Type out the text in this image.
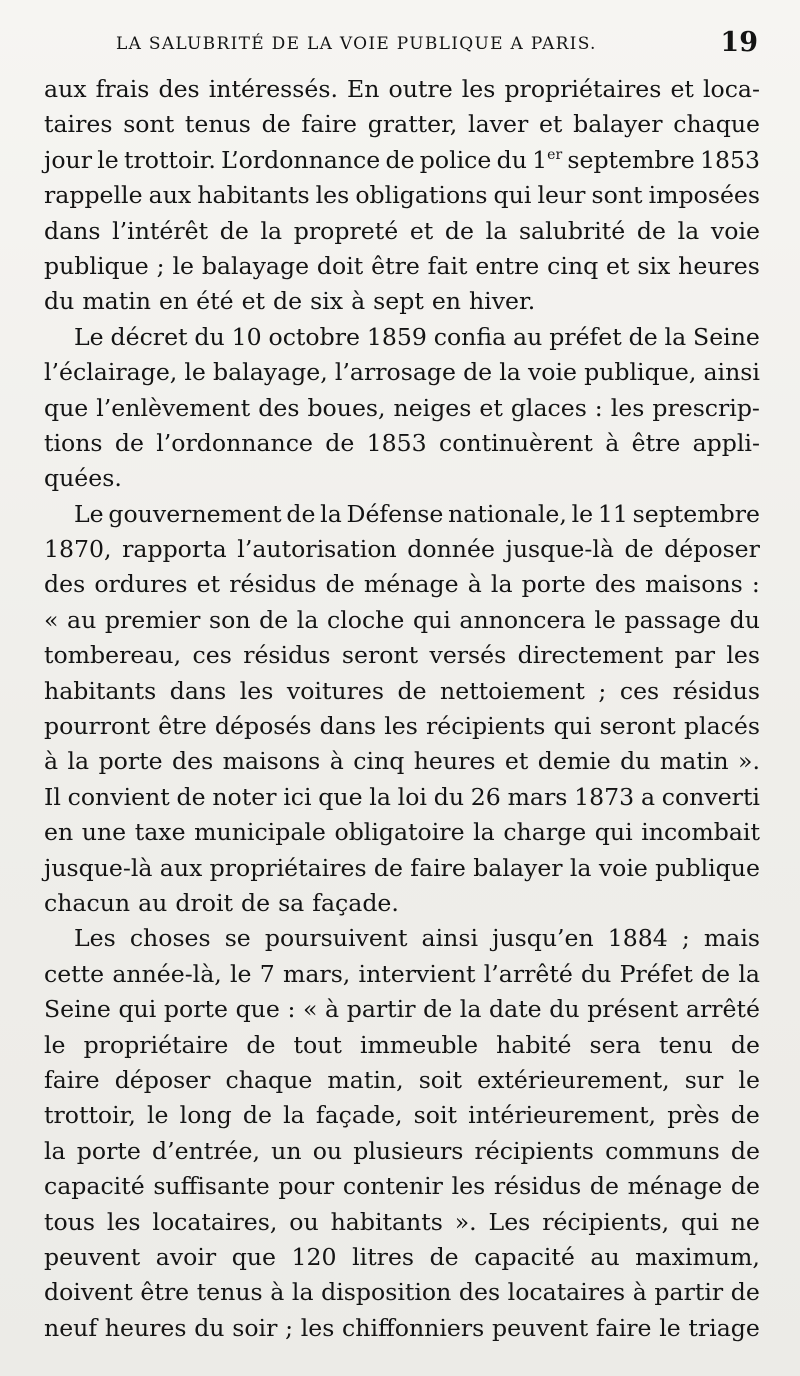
LA SALUBRITÉ DE LA VOIE PUBLIQUE A PARIS.	19
aux frais des intéressés. En outre les propriétaires et loca-
taires sont tenus de faire gratter, laver et balayer chaque
jour le trottoir. L’ordonnance de police du 1er septembre 1853
rappelle aux habitants les obligations qui leur sont imposées
dans l’intérêt de la propreté et de la salubrité de la voie
publique ; le balayage doit être fait entre cinq et six heures
du matin en été et de six à sept en hiver.
Le décret du 10 octobre 1859 confia au préfet de la Seine
l’éclairage, le balayage, l’arrosage de la voie publique, ainsi
que l’enlèvement des boues, neiges et glaces : les prescrip-
tions de l’ordonnance de 1853 continuèrent à être appli-
quées.
Le gouvernement de la Défense nationale, le 11 septembre
1870, rapporta l’autorisation donnée jusque-là de déposer
des ordures et résidus de ménage à la porte des maisons :
« au premier son de la cloche qui annoncera le passage du
tombereau, ces résidus seront versés directement par les
habitants dans les voitures de nettoiement ; ces résidus
pourront être déposés dans les récipients qui seront placés
à la porte des maisons à cinq heures et demie du matin ».
Il convient de noter ici que la loi du 26 mars 1873 a converti
en une taxe municipale obligatoire la charge qui incombait
jusque-là aux propriétaires de faire balayer la voie publique
chacun au droit de sa façade.
Les choses se poursuivent ainsi jusqu’en 1884 ; mais
cette année-là, le 7 mars, intervient l’arrêté du Préfet de la
Seine qui porte que : « à partir de la date du présent arrêté
le propriétaire de tout immeuble habité sera tenu de
faire déposer chaque matin, soit extérieurement, sur le
trottoir, le long de la façade, soit intérieurement, près de
la porte d’entrée, un ou plusieurs récipients communs de
capacité suffisante pour contenir les résidus de ménage de
tous les locataires, ou habitants ». Les récipients, qui ne
peuvent avoir que 120 litres de capacité au maximum,
doivent être tenus à la disposition des locataires à partir de
neuf heures du soir ; les chiffonniers peuvent faire le triage
